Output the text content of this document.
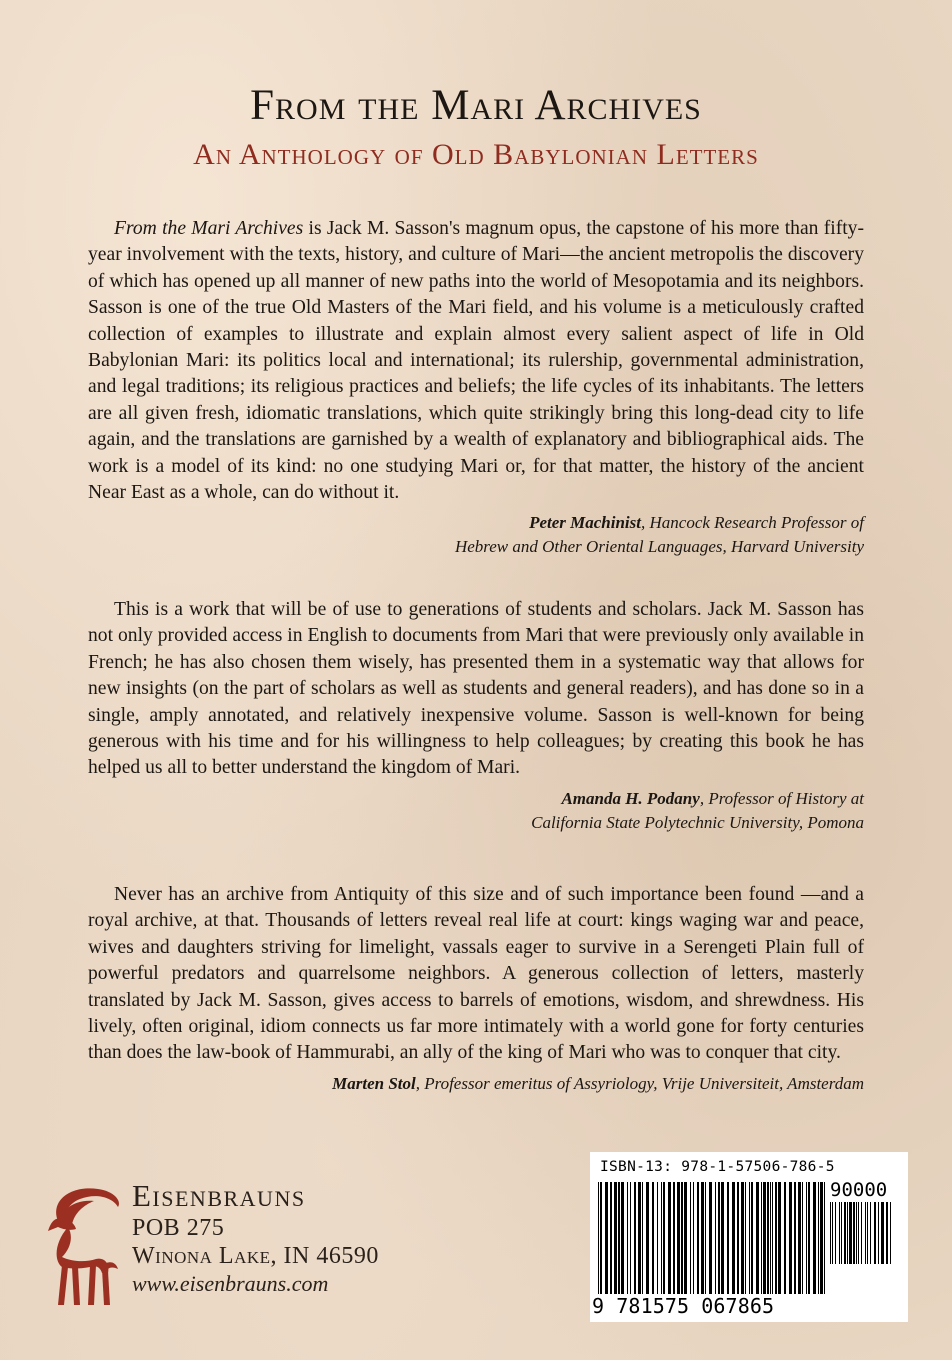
From the Mari Archives
An Anthology of Old Babylonian Letters

From the Mari Archives is Jack M. Sasson's magnum opus, the capstone of his more than fifty-year involvement with the texts, history, and culture of Mari—the ancient metropolis the discovery of which has opened up all manner of new paths into the world of Mesopotamia and its neighbors. Sasson is one of the true Old Masters of the Mari field, and his volume is a meticulously crafted collection of examples to illustrate and explain almost every salient aspect of life in Old Babylonian Mari: its politics local and international; its rulership, governmental administration, and legal traditions; its religious practices and beliefs; the life cycles of its inhabitants. The letters are all given fresh, idiomatic translations, which quite strikingly bring this long-dead city to life again, and the translations are garnished by a wealth of explanatory and bibliographical aids. The work is a model of its kind: no one studying Mari or, for that matter, the history of the ancient Near East as a whole, can do without it.

Peter Machinist, Hancock Research Professor of
Hebrew and Other Oriental Languages, Harvard University

This is a work that will be of use to generations of students and scholars. Jack M. Sasson has not only provided access in English to documents from Mari that were previously only available in French; he has also chosen them wisely, has presented them in a systematic way that allows for new insights (on the part of scholars as well as students and general readers), and has done so in a single, amply annotated, and relatively inexpensive volume. Sasson is well-known for being generous with his time and for his willingness to help colleagues; by creating this book he has helped us all to better understand the kingdom of Mari.

Amanda H. Podany, Professor of History at
California State Polytechnic University, Pomona

Never has an archive from Antiquity of this size and of such importance been found —and a royal archive, at that. Thousands of letters reveal real life at court: kings waging war and peace, wives and daughters striving for limelight, vassals eager to survive in a Serengeti Plain full of powerful predators and quarrelsome neighbors. A generous collection of letters, masterly translated by Jack M. Sasson, gives access to barrels of emotions, wisdom, and shrewdness. His lively, often original, idiom connects us far more intimately with a world gone for forty centuries than does the law-book of Hammurabi, an ally of the king of Mari who was to conquer that city.

Marten Stol, Professor emeritus of Assyriology, Vrije Universiteit, Amsterdam
Eisenbrauns
POB 275
Winona Lake, IN 46590
www.eisenbrauns.com
ISBN-13: 978-1-57506-786-5
90000
9 781575 067865
